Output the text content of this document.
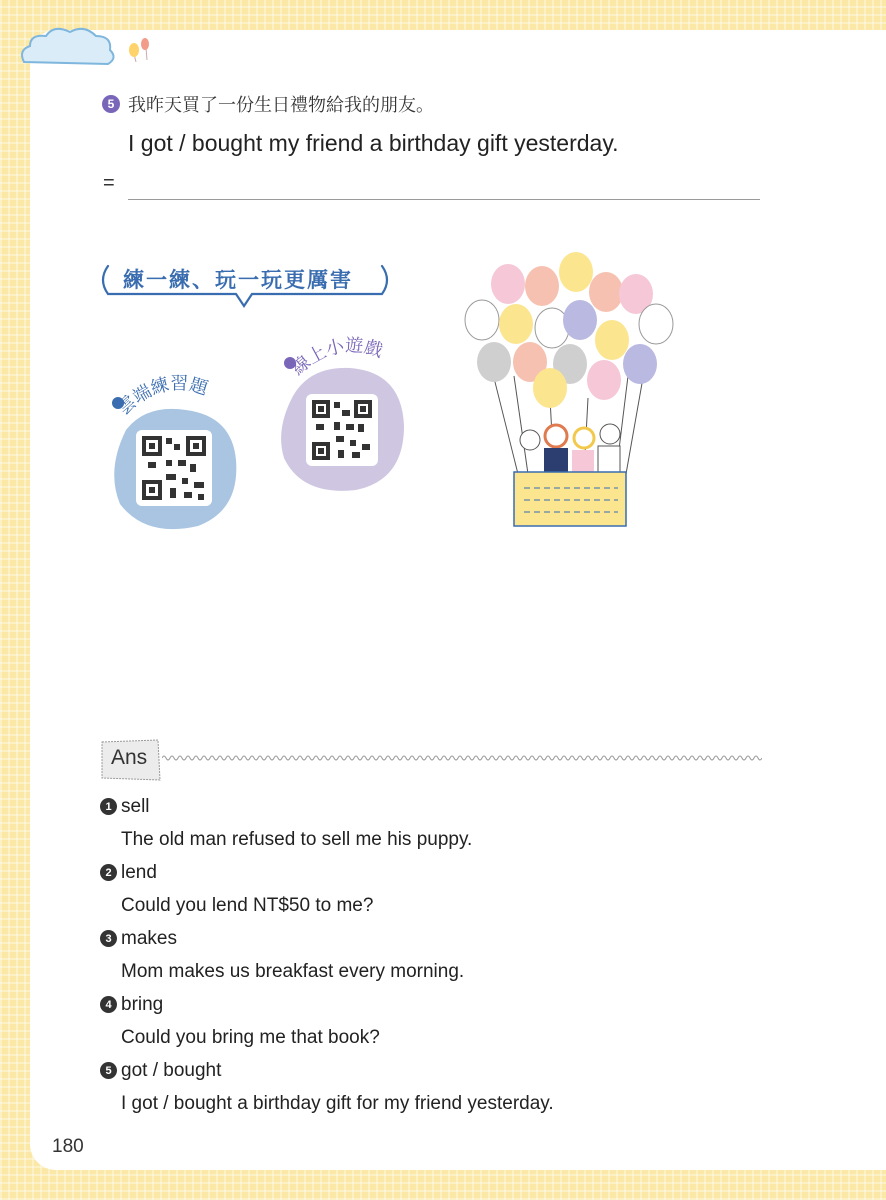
5 我昨天買了一份生日禮物給我的朋友。
I got / bought my friend a birthday gift yesterday.
=
練一練、玩一玩更厲害
雲端練習題
線上小遊戲
Ans
1 sell
The old man refused to sell me his puppy.
2 lend
Could you lend NT$50 to me?
3 makes
Mom makes us breakfast every morning.
4 bring
Could you bring me that book?
5 got / bought
I got / bought a birthday gift for my friend yesterday.
180
